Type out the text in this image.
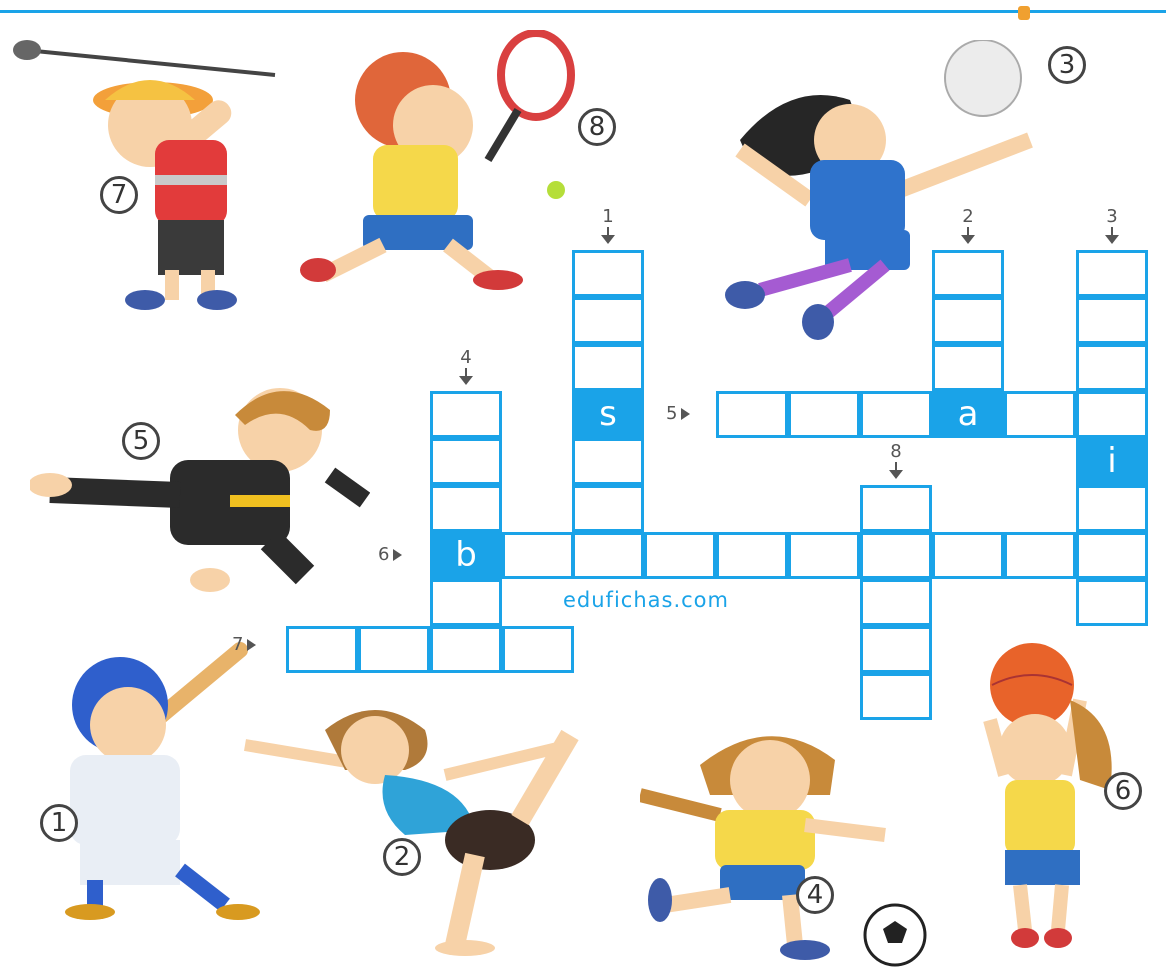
7
8
3
5
1
2
4
6
s	a
i
b
1	2	3
4
8
5
6
7
edufichas.com
